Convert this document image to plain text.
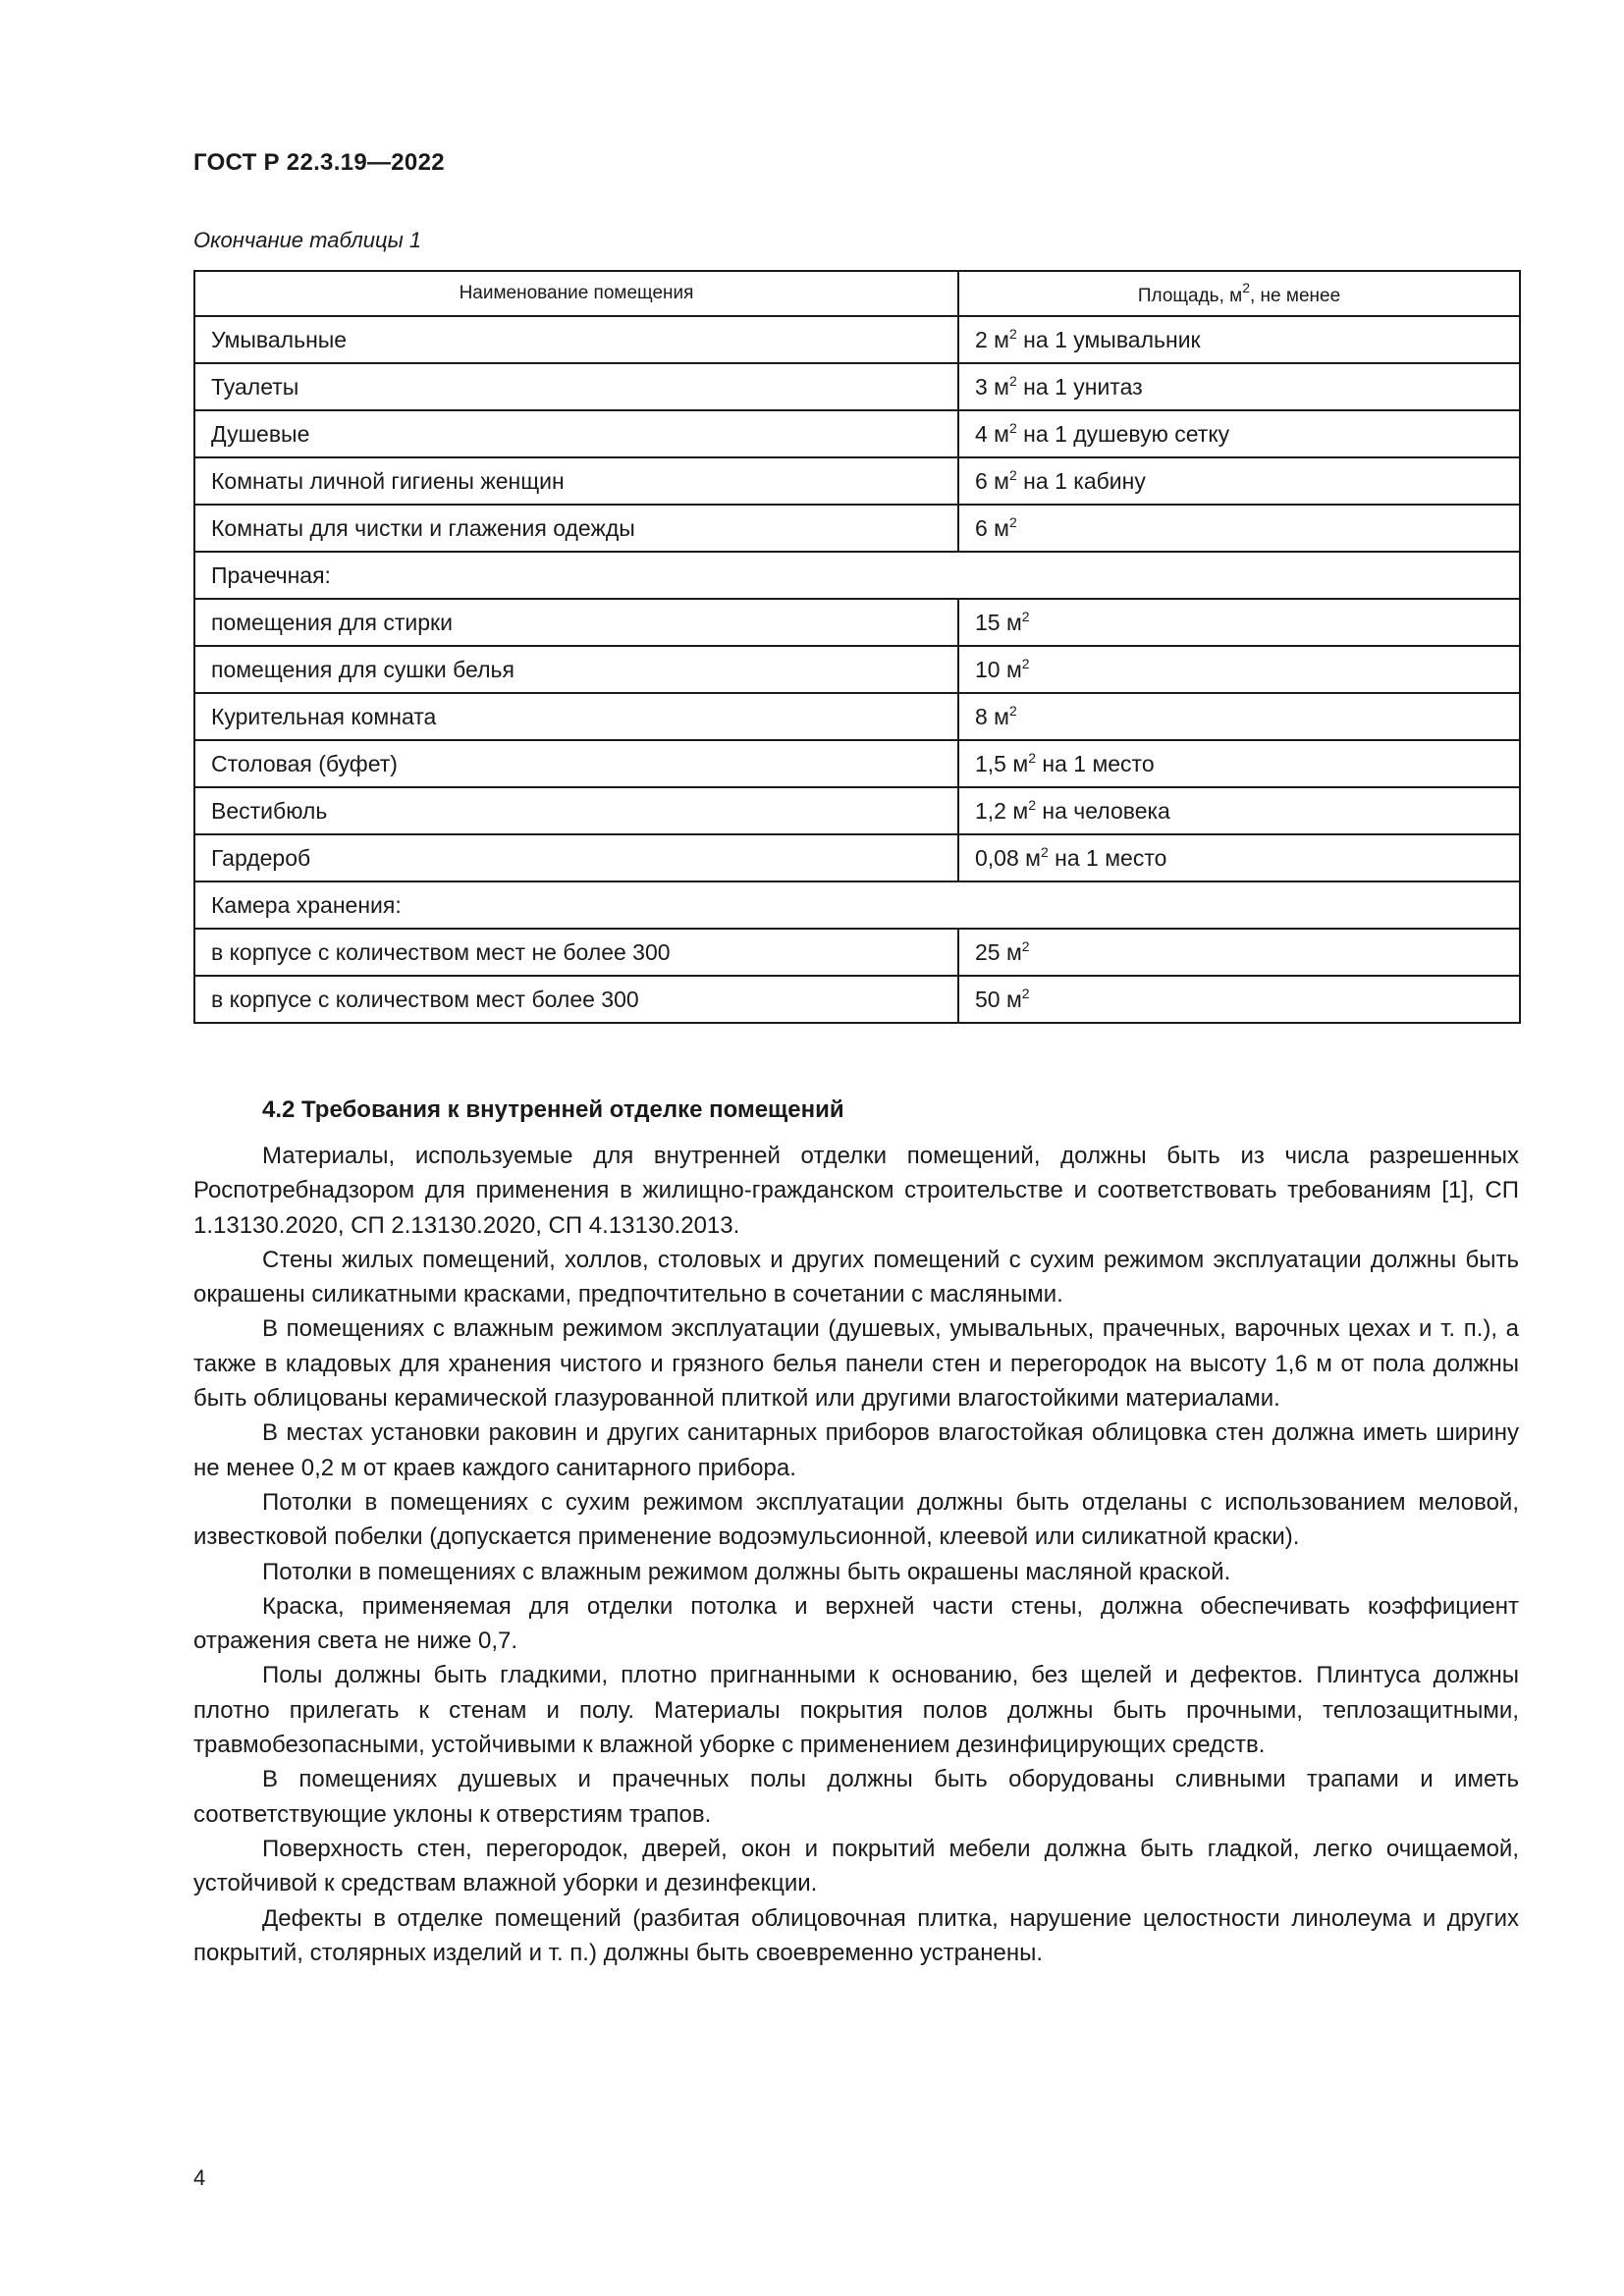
ГОСТ Р 22.3.19—2022
Окончание таблицы 1
Наименование помещения	Площадь, $м^2$, не менее
Умывальные	2 $м^2$ на 1 умывальник
Туалеты	3 $м^2$ на 1 унитаз
Душевые	4 $м^2$ на 1 душевую сетку
Комнаты личной гигиены женщин	6 $м^2$ на 1 кабину
Комнаты для чистки и глажения одежды	6 $м^2$
Прачечная:	
помещения для стирки	15 $м^2$
помещения для сушки белья	10 $м^2$
Курительная комната	8 $м^2$
Столовая (буфет)	1,5 $м^2$ на 1 место
Вестибюль	1,2 $м^2$ на человека
Гардероб	0,08 $м^2$ на 1 место
Камера хранения:	
в корпусе с количеством мест не более 300	25 $м^2$
в корпусе с количеством мест более 300	50 $м^2$
4.2 Требования к внутренней отделке помещений

Материалы, используемые для внутренней отделки помещений, должны быть из числа разрешенных Роспотребнадзором для применения в жилищно-гражданском строительстве и соответствовать требованиям [1], СП 1.13130.2020, СП 2.13130.2020, СП 4.13130.2013.

Стены жилых помещений, холлов, столовых и других помещений с сухим режимом эксплуатации должны быть окрашены силикатными красками, предпочтительно в сочетании с масляными.

В помещениях с влажным режимом эксплуатации (душевых, умывальных, прачечных, варочных цехах и т. п.), а также в кладовых для хранения чистого и грязного белья панели стен и перегородок на высоту 1,6 м от пола должны быть облицованы керамической глазурованной плиткой или другими влагостойкими материалами.

В местах установки раковин и других санитарных приборов влагостойкая облицовка стен должна иметь ширину не менее 0,2 м от краев каждого санитарного прибора.

Потолки в помещениях с сухим режимом эксплуатации должны быть отделаны с использованием меловой, известковой побелки (допускается применение водоэмульсионной, клеевой или силикатной краски).

Потолки в помещениях с влажным режимом должны быть окрашены масляной краской.

Краска, применяемая для отделки потолка и верхней части стены, должна обеспечивать коэффициент отражения света не ниже 0,7.

Полы должны быть гладкими, плотно пригнанными к основанию, без щелей и дефектов. Плинтуса должны плотно прилегать к стенам и полу. Материалы покрытия полов должны быть прочными, теплозащитными, травмобезопасными, устойчивыми к влажной уборке с применением дезинфицирующих средств.

В помещениях душевых и прачечных полы должны быть оборудованы сливными трапами и иметь соответствующие уклоны к отверстиям трапов.

Поверхность стен, перегородок, дверей, окон и покрытий мебели должна быть гладкой, легко очищаемой, устойчивой к средствам влажной уборки и дезинфекции.

Дефекты в отделке помещений (разбитая облицовочная плитка, нарушение целостности линолеума и других покрытий, столярных изделий и т. п.) должны быть своевременно устранены.

4
